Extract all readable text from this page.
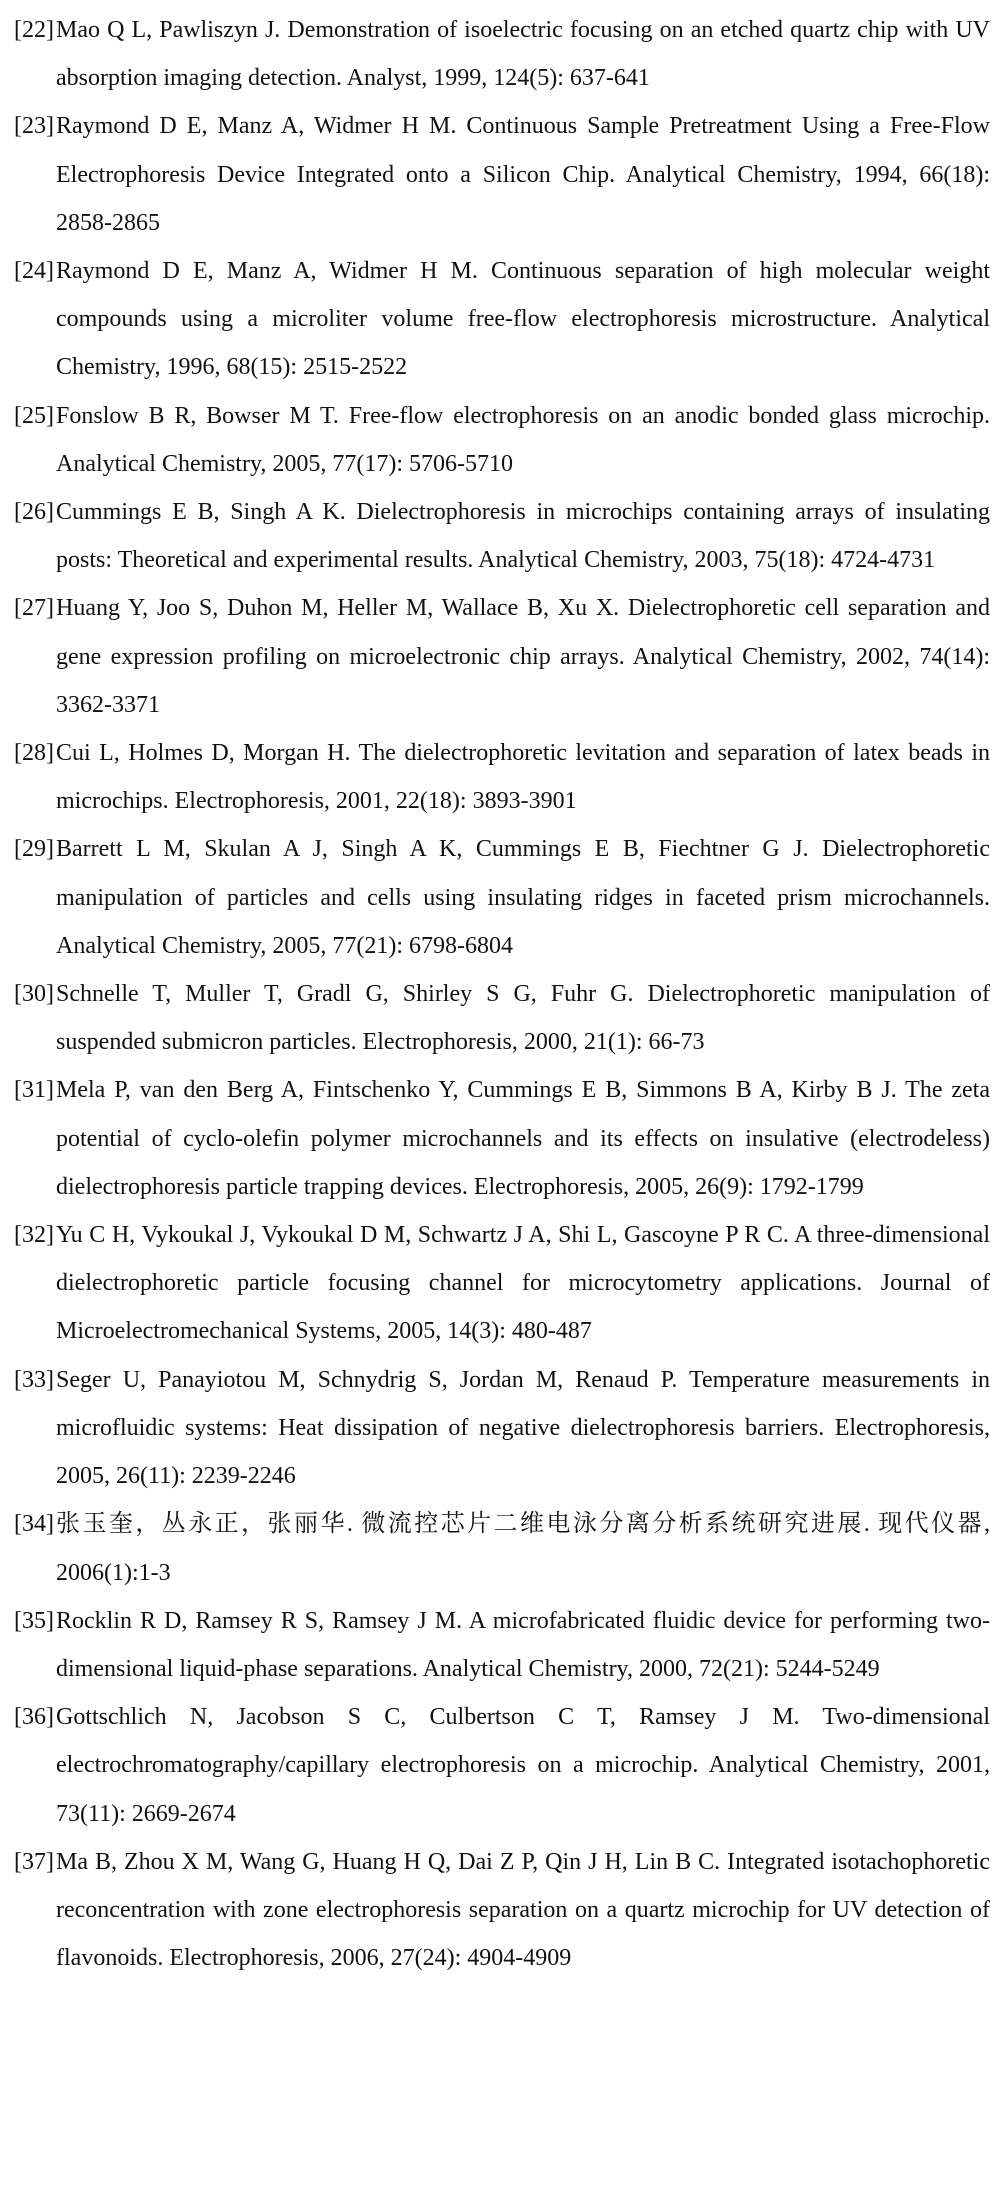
[22] Mao Q L, Pawliszyn J. Demonstration of isoelectric focusing on an etched quartz chip with UV absorption imaging detection. Analyst, 1999, 124(5): 637-641
[23] Raymond D E, Manz A, Widmer H M. Continuous Sample Pretreatment Using a Free-Flow Electrophoresis Device Integrated onto a Silicon Chip. Analytical Chemistry, 1994, 66(18): 2858-2865
[24] Raymond D E, Manz A, Widmer H M. Continuous separation of high molecular weight compounds using a microliter volume free-flow electrophoresis microstructure. Analytical Chemistry, 1996, 68(15): 2515-2522
[25] Fonslow B R, Bowser M T. Free-flow electrophoresis on an anodic bonded glass microchip. Analytical Chemistry, 2005, 77(17): 5706-5710
[26] Cummings E B, Singh A K. Dielectrophoresis in microchips containing arrays of insulating posts: Theoretical and experimental results. Analytical Chemistry, 2003, 75(18): 4724-4731
[27] Huang Y, Joo S, Duhon M, Heller M, Wallace B, Xu X. Dielectrophoretic cell separation and gene expression profiling on microelectronic chip arrays. Analytical Chemistry, 2002, 74(14): 3362-3371
[28] Cui L, Holmes D, Morgan H. The dielectrophoretic levitation and separation of latex beads in microchips. Electrophoresis, 2001, 22(18): 3893-3901
[29] Barrett L M, Skulan A J, Singh A K, Cummings E B, Fiechtner G J. Dielectrophoretic manipulation of particles and cells using insulating ridges in faceted prism microchannels. Analytical Chemistry, 2005, 77(21): 6798-6804
[30] Schnelle T, Muller T, Gradl G, Shirley S G, Fuhr G. Dielectrophoretic manipulation of suspended submicron particles. Electrophoresis, 2000, 21(1): 66-73
[31] Mela P, van den Berg A, Fintschenko Y, Cummings E B, Simmons B A, Kirby B J. The zeta potential of cyclo-olefin polymer microchannels and its effects on insulative (electrodeless) dielectrophoresis particle trapping devices. Electrophoresis, 2005, 26(9): 1792-1799
[32] Yu C H, Vykoukal J, Vykoukal D M, Schwartz J A, Shi L, Gascoyne P R C. A three-dimensional dielectrophoretic particle focusing channel for microcytometry applications. Journal of Microelectromechanical Systems, 2005, 14(3): 480-487
[33] Seger U, Panayiotou M, Schnydrig S, Jordan M, Renaud P. Temperature measurements in microfluidic systems: Heat dissipation of negative dielectrophoresis barriers. Electrophoresis, 2005, 26(11): 2239-2246
[34] 张玉奎，丛永正，张丽华. 微流控芯片二维电泳分离分析系统研究进展. 现代仪器, 2006(1):1-3
[35] Rocklin R D, Ramsey R S, Ramsey J M. A microfabricated fluidic device for performing two-dimensional liquid-phase separations. Analytical Chemistry, 2000, 72(21): 5244-5249
[36] Gottschlich N, Jacobson S C, Culbertson C T, Ramsey J M. Two-dimensional electrochromatography/capillary electrophoresis on a microchip. Analytical Chemistry, 2001, 73(11): 2669-2674
[37] Ma B, Zhou X M, Wang G, Huang H Q, Dai Z P, Qin J H, Lin B C. Integrated isotachophoretic reconcentration with zone electrophoresis separation on a quartz microchip for UV detection of flavonoids. Electrophoresis, 2006, 27(24): 4904-4909
